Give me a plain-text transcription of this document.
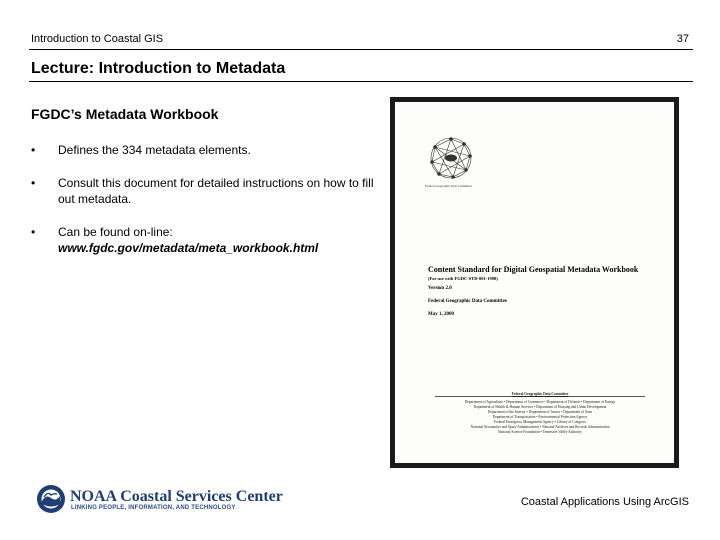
Introduction to Coastal GIS	37
Lecture: Introduction to Metadata
FGDC’s Metadata Workbook
• Defines the 334 metadata elements.
• Consult this document for detailed instructions on how to fill out metadata.
• Can be found on-line:
www.fgdc.gov/metadata/meta_workbook.html
Federal Geographic Data Committee
Content Standard for Digital Geospatial Metadata Workbook
(For use with FGDC-STD-001-1998)
Version 2.0
Federal Geographic Data Committee
May 1, 2000
Federal Geographic Data Committee
Department of Agriculture • Department of Commerce • Department of Defense • Department of Energy
Department of Health & Human Services • Department of Housing and Urban Development
Department of the Interior • Department of Justice • Department of State
Department of Transportation • Environmental Protection Agency
Federal Emergency Management Agency • Library of Congress
National Aeronautics and Space Administration • National Archives and Records Administration
National Science Foundation • Tennessee Valley Authority
NOAA Coastal Services Center
LINKING PEOPLE, INFORMATION, AND TECHNOLOGY	Coastal Applications Using ArcGIS
